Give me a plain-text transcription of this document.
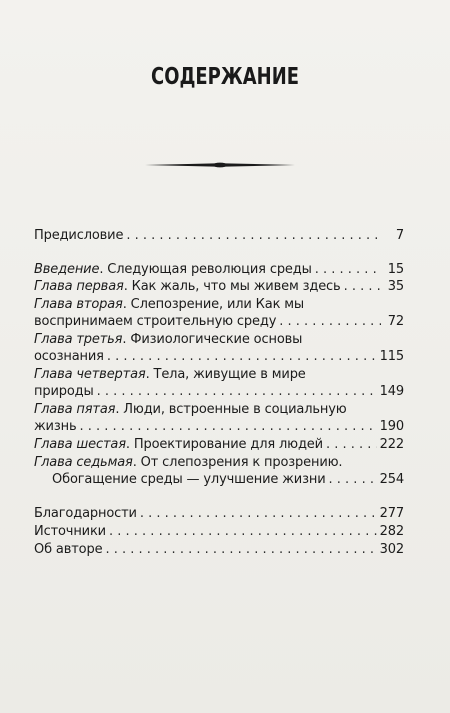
СОДЕРЖАНИЕ
Предисловие . . .	7
Введение . Следующая революция среды . . .	15
Глава первая . Как жаль, что мы живем здесь . . .	35
Глава вторая . Слепозрение, или Как мы
воспринимаем строительную среду . . .	72
Глава третья . Физиологические основы
осознания . . .	115
Глава четвертая . Тела, живущие в мире
природы . . .	149
Глава пятая . Люди, встроенные в социальную
жизнь . . .	190
Глава шестая . Проектирование для людей . . .	222
Глава седьмая . От слепозрения к прозрению.
Обогащение среды — улучшение жизни . . .	254
Благодарности . . .	277
Источники . . .	282
Об авторе . . .	302
